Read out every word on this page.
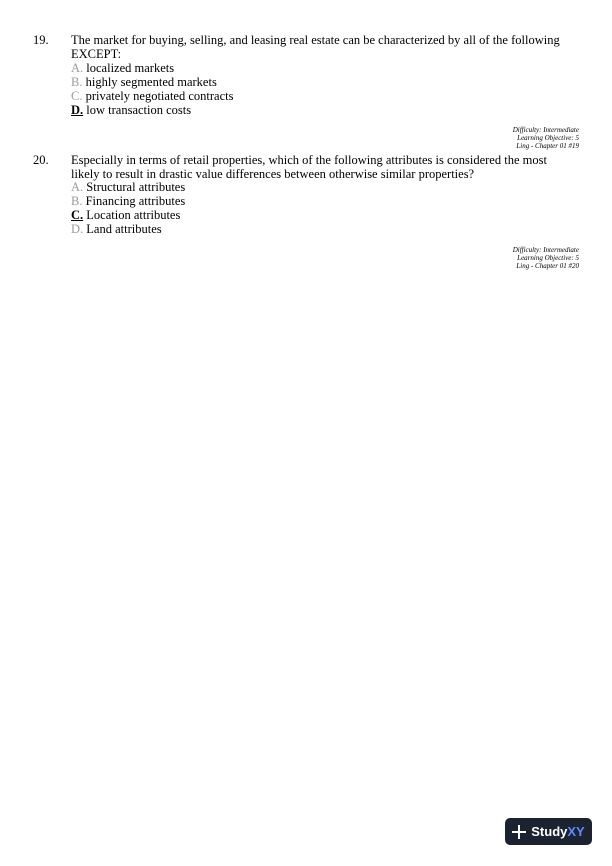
19. The market for buying, selling, and leasing real estate can be characterized by all of the following EXCEPT:
A. localized markets
B. highly segmented markets
C. privately negotiated contracts
D. low transaction costs
Difficulty: Intermediate
Learning Objective: 5
Ling - Chapter 01 #19
20. Especially in terms of retail properties, which of the following attributes is considered the most likely to result in drastic value differences between otherwise similar properties?
A. Structural attributes
B. Financing attributes
C. Location attributes
D. Land attributes
Difficulty: Intermediate
Learning Objective: 5
Ling - Chapter 01 #20
StudyXY
